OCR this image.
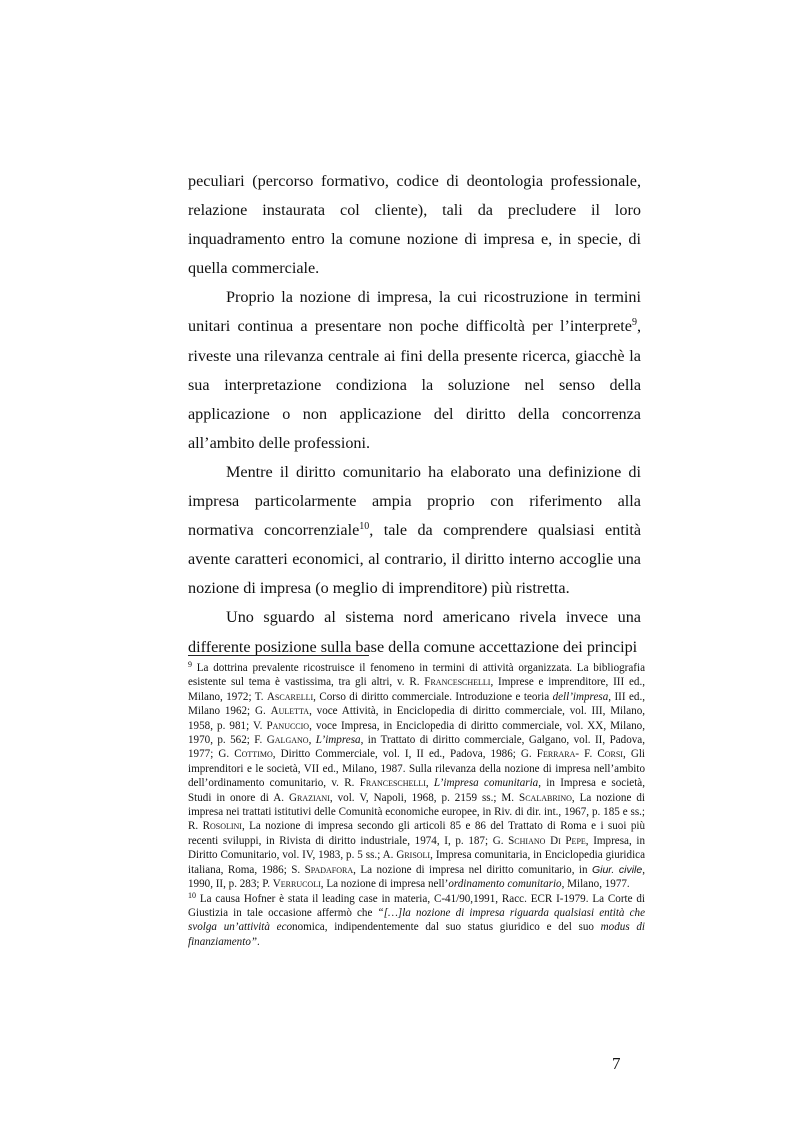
peculiari (percorso formativo, codice di deontologia professionale, relazione instaurata col cliente), tali da precludere il loro inquadramento entro la comune nozione di impresa e, in specie, di quella commerciale.

Proprio la nozione di impresa, la cui ricostruzione in termini unitari continua a presentare non poche difficoltà per l’interprete$^9$, riveste una rilevanza centrale ai fini della presente ricerca, giacchè la sua interpretazione condiziona la soluzione nel senso della applicazione o non applicazione del diritto della concorrenza all’ambito delle professioni.

Mentre il diritto comunitario ha elaborato una definizione di impresa particolarmente ampia proprio con riferimento alla normativa concorrenziale$^{10}$, tale da comprendere qualsiasi entità avente caratteri economici, al contrario, il diritto interno accoglie una nozione di impresa (o meglio di imprenditore) più ristretta.

Uno sguardo al sistema nord americano rivela invece una differente posizione sulla base della comune accettazione dei principi

$^9$ La dottrina prevalente ricostruisce il fenomeno in termini di attività organizzata. La bibliografia esistente sul tema è vastissima, tra gli altri, v. R. Franceschelli, Imprese e imprenditore, III ed., Milano, 1972; T. Ascarelli, Corso di diritto commerciale. Introduzione e teoria dell’impresa, III ed., Milano 1962; G. Auletta, voce Attività, in Enciclopedia di diritto commerciale, vol. III, Milano, 1958, p. 981; V. Panuccio, voce Impresa, in Enciclopedia di diritto commerciale, vol. XX, Milano, 1970, p. 562; F. Galgano, L’impresa, in Trattato di diritto commerciale, Galgano, vol. II, Padova, 1977; G. Cottimo, Diritto Commerciale, vol. I, II ed., Padova, 1986; G. Ferrara- F. Corsi, Gli imprenditori e le società, VII ed., Milano, 1987. Sulla rilevanza della nozione di impresa nell’ambito dell’ordinamento comunitario, v. R. Franceschelli, L’impresa comunitaria, in Impresa e società, Studi in onore di A. Graziani, vol. V, Napoli, 1968, p. 2159 ss.; M. Scalabrino, La nozione di impresa nei trattati istitutivi delle Comunità economiche europee, in Riv. di dir. int., 1967, p. 185 e ss.; R. Rosolini, La nozione di impresa secondo gli articoli 85 e 86 del Trattato di Roma e i suoi più recenti sviluppi, in Rivista di diritto industriale, 1974, I, p. 187; G. Schiano Di Pepe, Impresa, in Diritto Comunitario, vol. IV, 1983, p. 5 ss.; A. Grisoli, Impresa comunitaria, in Enciclopedia giuridica italiana, Roma, 1986; S. Spadafora, La nozione di impresa nel diritto comunitario, in Giur. civile, 1990, II, p. 283; P. Verrucoli, La nozione di impresa nell’ordinamento comunitario, Milano, 1977.

$^{10}$ La causa Hofner è stata il leading case in materia, C-41/90,1991, Racc. ECR I-1979. La Corte di Giustizia in tale occasione affermò che “[…]la nozione di impresa riguarda qualsiasi entità che svolga un’attività economica, indipendentemente dal suo status giuridico e del suo modus di finanziamento”.

7
